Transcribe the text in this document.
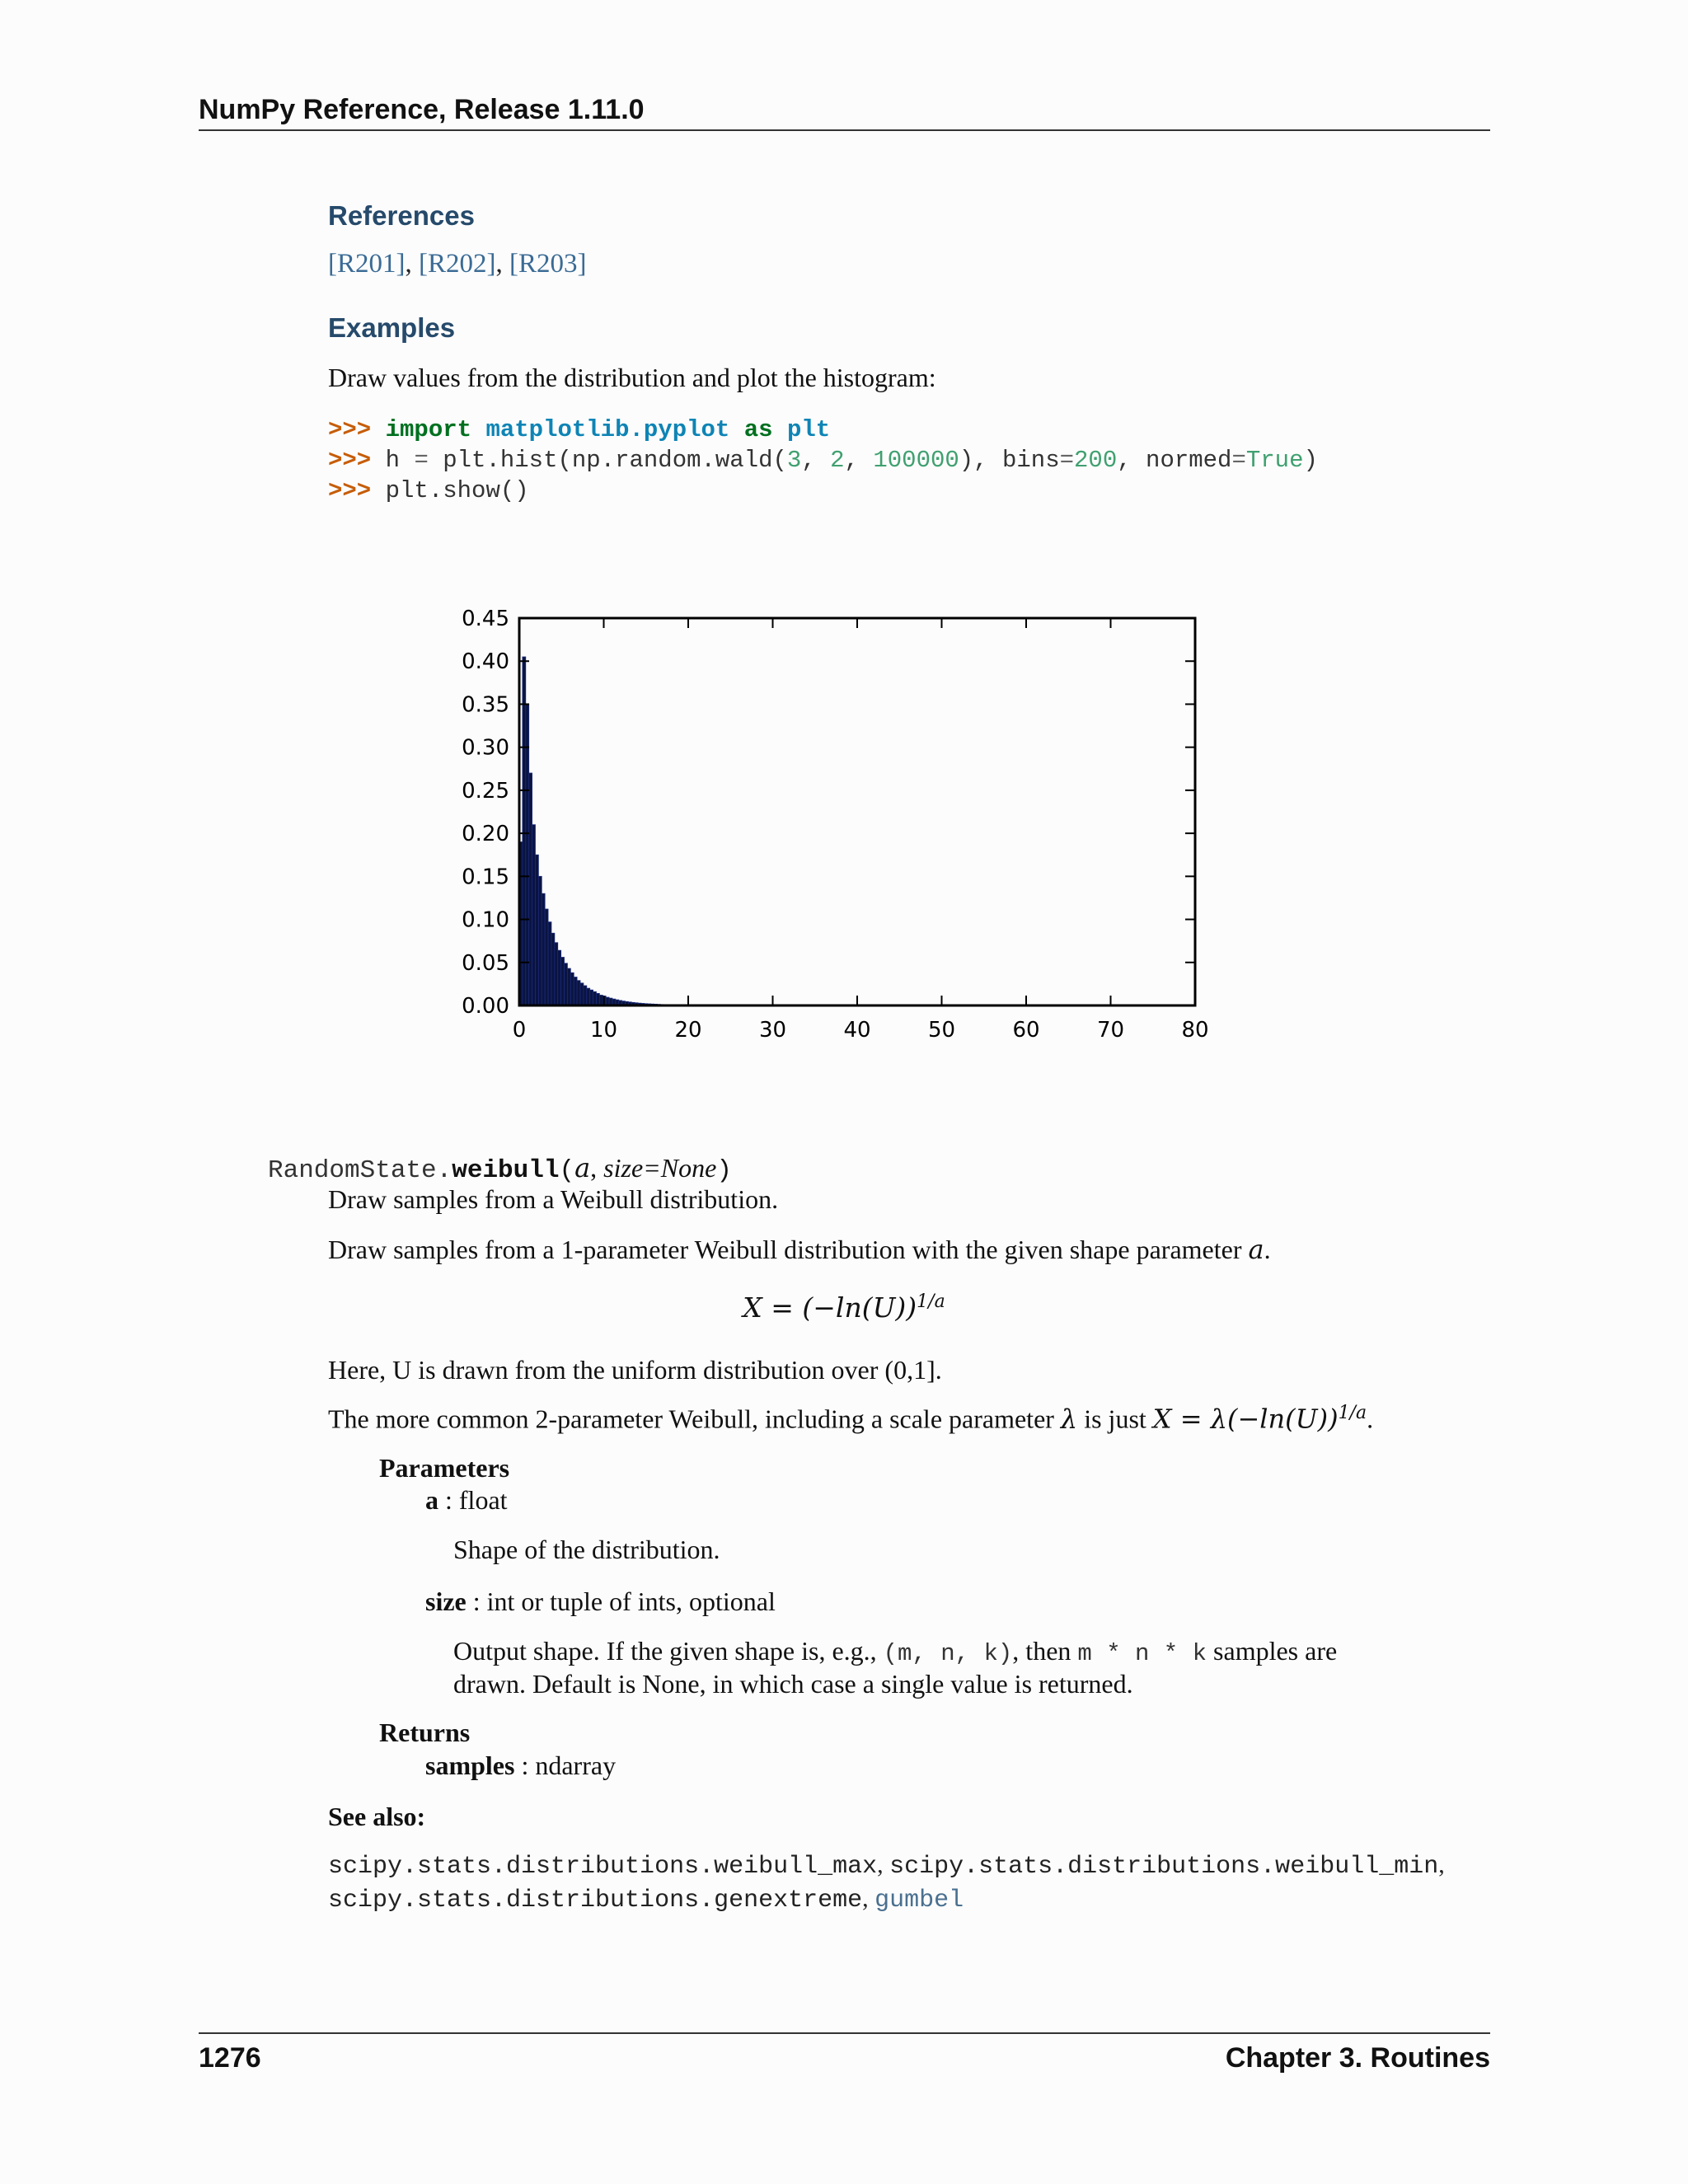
NumPy Reference, Release 1.11.0
References
[R201], [R202], [R203]
Examples
Draw values from the distribution and plot the histogram:
>>> import matplotlib.pyplot as plt
>>> h = plt.hist(np.random.wald(3, 2, 100000), bins=200, normed=True)
>>> plt.show()
0	10	20	30	40	50	60	70	80
0.00
0.05
0.10
0.15
0.20
0.25
0.30
0.35
0.40
0.45
RandomState.weibull(a, size=None)
Draw samples from a Weibull distribution.
Draw samples from a 1-parameter Weibull distribution with the given shape parameter a.
$X = (-\ln(U))^{1/a}$
Here, U is drawn from the uniform distribution over (0,1].
The more common 2-parameter Weibull, including a scale parameter λ is just $X = \lambda(-\ln(U))^{1/a}$.
Parameters
a : float
Shape of the distribution.
size : int or tuple of ints, optional
Output shape. If the given shape is, e.g., (m, n, k), then m * n * k samples are
drawn. Default is None, in which case a single value is returned.
Returns
samples : ndarray
See also:
scipy.stats.distributions.weibull_max, scipy.stats.distributions.weibull_min,
scipy.stats.distributions.genextreme, gumbel
1276	Chapter 3. Routines
